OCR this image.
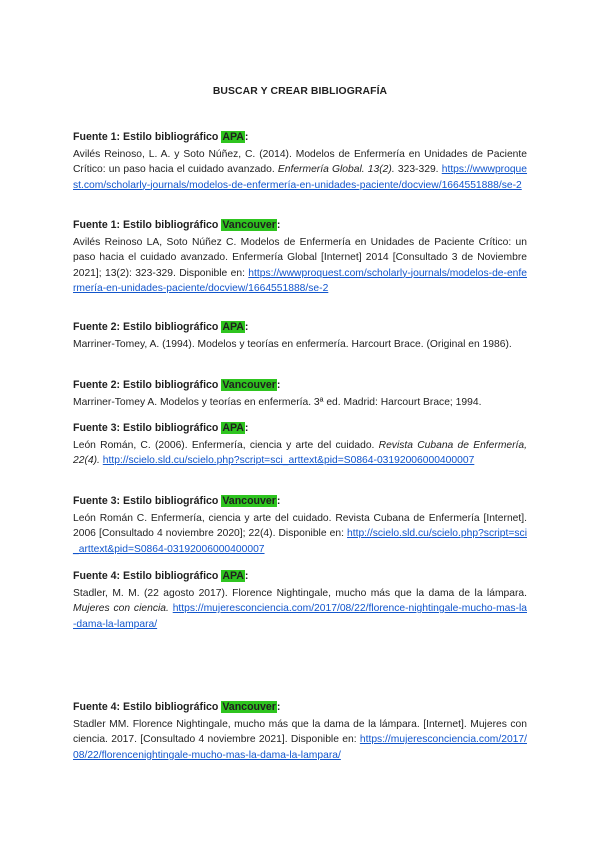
BUSCAR Y CREAR BIBLIOGRAFÍA
Fuente 1: Estilo bibliográfico APA:
Avilés Reinoso, L. A. y Soto Núñez, C. (2014). Modelos de Enfermería en Unidades de Paciente Crítico: un paso hacia el cuidado avanzado. Enfermería Global. 13(2). 323-329. https://wwwproquest.com/scholarly-journals/modelos-de-enfermería-en-unidades-paciente/docview/1664551888/se-2
Fuente 1: Estilo bibliográfico Vancouver:
Avilés Reinoso LA, Soto Núñez C. Modelos de Enfermería en Unidades de Paciente Crítico: un paso hacia el cuidado avanzado. Enfermería Global [Internet] 2014 [Consultado 3 de Noviembre 2021]; 13(2): 323-329. Disponible en: https://wwwproquest.com/scholarly-journals/modelos-de-enfermería-en-unidades-paciente/docview/1664551888/se-2
Fuente 2: Estilo bibliográfico APA:
Marriner-Tomey, A. (1994). Modelos y teorías en enfermería. Harcourt Brace. (Original en 1986).
Fuente 2: Estilo bibliográfico Vancouver:
Marriner-Tomey A. Modelos y teorías en enfermería. 3ª ed. Madrid: Harcourt Brace; 1994.
Fuente 3: Estilo bibliográfico APA:
León Román, C. (2006). Enfermería, ciencia y arte del cuidado. Revista Cubana de Enfermería, 22(4). http://scielo.sld.cu/scielo.php?script=sci_arttext&pid=S0864-03192006000400007
Fuente 3: Estilo bibliográfico Vancouver:
León Román C. Enfermería, ciencia y arte del cuidado. Revista Cubana de Enfermería [Internet]. 2006 [Consultado 4 noviembre 2020]; 22(4). Disponible en: http://scielo.sld.cu/scielo.php?script=sci_arttext&pid=S0864-03192006000400007
Fuente 4: Estilo bibliográfico APA:
Stadler, M. M. (22 agosto 2017). Florence Nightingale, mucho más que la dama de la lámpara. Mujeres con ciencia. https://mujeresconciencia.com/2017/08/22/florence-nightingale-mucho-mas-la-dama-la-lampara/
Fuente 4: Estilo bibliográfico Vancouver:
Stadler MM. Florence Nightingale, mucho más que la dama de la lámpara. [Internet]. Mujeres con ciencia. 2017. [Consultado 4 noviembre 2021]. Disponible en: https://mujeresconciencia.com/2017/08/22/florencenightingale-mucho-mas-la-dama-la-lampara/
